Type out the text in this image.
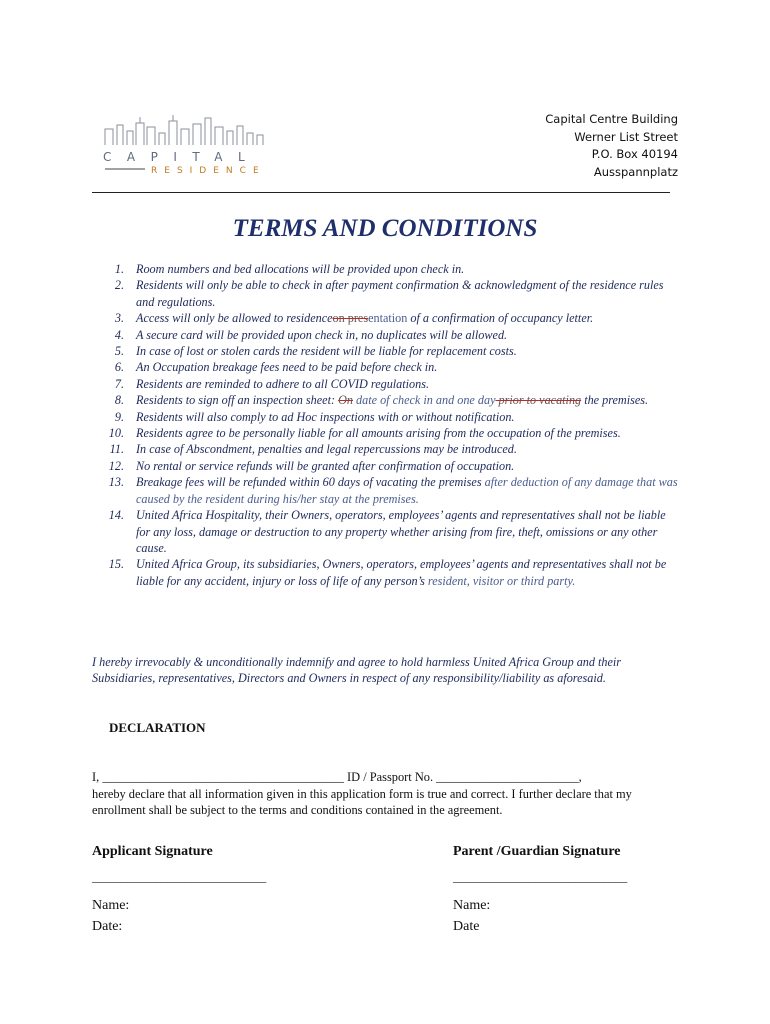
CAPITAL
RESIDENCE
Capital Centre Building
Werner List Street
P.O. Box 40194
Ausspannplatz
TERMS AND CONDITIONS
1. Room numbers and bed allocations will be provided upon check in.
2. Residents will only be able to check in after payment confirmation & acknowledgment of the residence rules and regulations.
3. Access will only be allowed to residenceon presentation of a confirmation of occupancy letter.
4. A secure card will be provided upon check in, no duplicates will be allowed.
5. In case of lost or stolen cards the resident will be liable for replacement costs.
6. An Occupation breakage fees need to be paid before check in.
7. Residents are reminded to adhere to all COVID regulations.
8. Residents to sign off an inspection sheet: On date of check in and one day prior to vacating the premises.
9. Residents will also comply to ad Hoc inspections with or without notification.
10. Residents agree to be personally liable for all amounts arising from the occupation of the premises.
11. In case of Abscondment, penalties and legal repercussions may be introduced.
12. No rental or service refunds will be granted after confirmation of occupation.
13. Breakage fees will be refunded within 60 days of vacating the premises after deduction of any damage that was caused by the resident during his/her stay at the premises.
14. United Africa Hospitality, their Owners, operators, employees’ agents and representatives shall not be liable for any loss, damage or destruction to any property whether arising from fire, theft, omissions or any other cause.
15. United Africa Group, its subsidiaries, Owners, operators, employees’ agents and representatives shall not be liable for any accident, injury or loss of life of any person’s resident, visitor or third party.
I hereby irrevocably & unconditionally indemnify and agree to hold harmless United Africa Group and their Subsidiaries, representatives, Directors and Owners in respect of any responsibility/liability as aforesaid.
DECLARATION
I, _______________________________________ ID / Passport No. _______________________,
hereby declare that all information given in this application form is true and correct. I further declare that my enrollment shall be subject to the terms and conditions contained in the agreement.
Applicant Signature
______________________________
Name:
Date:
Parent /Guardian Signature
______________________________
Name:
Date
